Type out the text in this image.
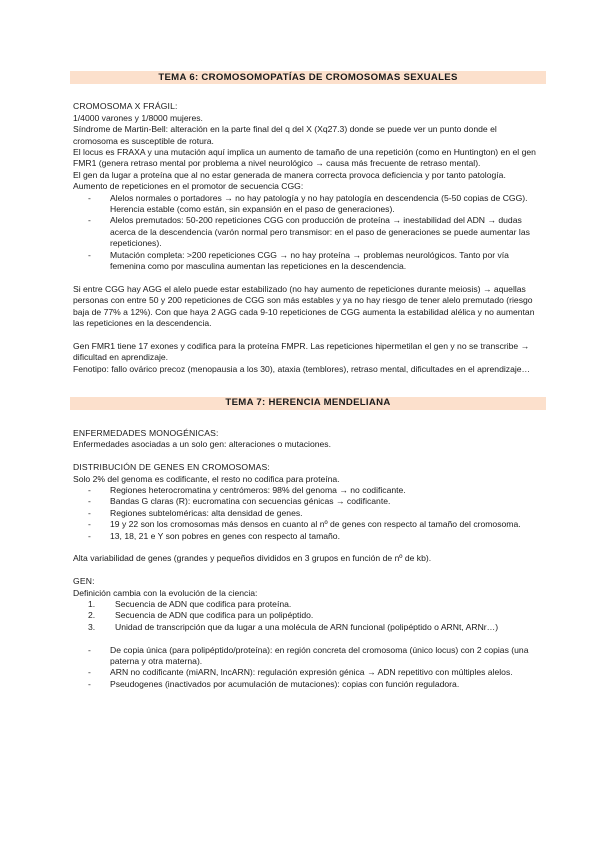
TEMA 6: CROMOSOMOPATÍAS DE CROMOSOMAS SEXUALES

CROMOSOMA X FRÁGIL:

1/4000 varones y 1/8000 mujeres.

Síndrome de Martin-Bell: alteración en la parte final del q del X (Xq27.3) donde se puede ver un punto donde el cromosoma es susceptible de rotura.

El locus es FRAXA y una mutación aquí implica un aumento de tamaño de una repetición (como en Huntington) en el gen FMR1 (genera retraso mental por problema a nivel neurológico → causa más frecuente de retraso mental).

El gen da lugar a proteína que al no estar generada de manera correcta provoca deficiencia y por tanto patología.

Aumento de repeticiones en el promotor de secuencia CGG:

- Alelos normales o portadores → no hay patología y no hay patología en descendencia (5-50 copias de CGG). Herencia estable (como están, sin expansión en el paso de generaciones).
- Alelos premutados: 50-200 repeticiones CGG con producción de proteína → inestabilidad del ADN → dudas acerca de la descendencia (varón normal pero transmisor: en el paso de generaciones se puede aumentar las repeticiones).
- Mutación completa: >200 repeticiones CGG → no hay proteína → problemas neurológicos. Tanto por vía femenina como por masculina aumentan las repeticiones en la descendencia.

Si entre CGG hay AGG el alelo puede estar estabilizado (no hay aumento de repeticiones durante meiosis) → aquellas personas con entre 50 y 200 repeticiones de CGG son más estables y ya no hay riesgo de tener alelo premutado (riesgo baja de 77% a 12%). Con que haya 2 AGG cada 9-10 repeticiones de CGG aumenta la estabilidad alélica y no aumentan las repeticiones en la descendencia.

Gen FMR1 tiene 17 exones y codifica para la proteína FMPR. Las repeticiones hipermetilan el gen y no se transcribe → dificultad en aprendizaje.

Fenotipo: fallo ovárico precoz (menopausia a los 30), ataxia (temblores), retraso mental, dificultades en el aprendizaje…

TEMA 7: HERENCIA MENDELIANA

ENFERMEDADES MONOGÉNICAS:

Enfermedades asociadas a un solo gen: alteraciones o mutaciones.

DISTRIBUCIÓN DE GENES EN CROMOSOMAS:

Solo 2% del genoma es codificante, el resto no codifica para proteína.

- Regiones heterocromatina y centrómeros: 98% del genoma → no codificante.
- Bandas G claras (R): eucromatina con secuencias génicas → codificante.
- Regiones subteloméricas: alta densidad de genes.
- 19 y 22 son los cromosomas más densos en cuanto al nº de genes con respecto al tamaño del cromosoma.
- 13, 18, 21 e Y son pobres en genes con respecto al tamaño.

Alta variabilidad de genes (grandes y pequeños divididos en 3 grupos en función de nº de kb).

GEN:

Definición cambia con la evolución de la ciencia:

1. Secuencia de ADN que codifica para proteína.
2. Secuencia de ADN que codifica para un polipéptido.
3. Unidad de transcripción que da lugar a una molécula de ARN funcional (polipéptido o ARNt, ARNr…)
- De copia única (para polipéptido/proteína): en región concreta del cromosoma (único locus) con 2 copias (una paterna y otra materna).
- ARN no codificante (miARN, lncARN): regulación expresión génica → ADN repetitivo con múltiples alelos.
- Pseudogenes (inactivados por acumulación de mutaciones): copias con función reguladora.
